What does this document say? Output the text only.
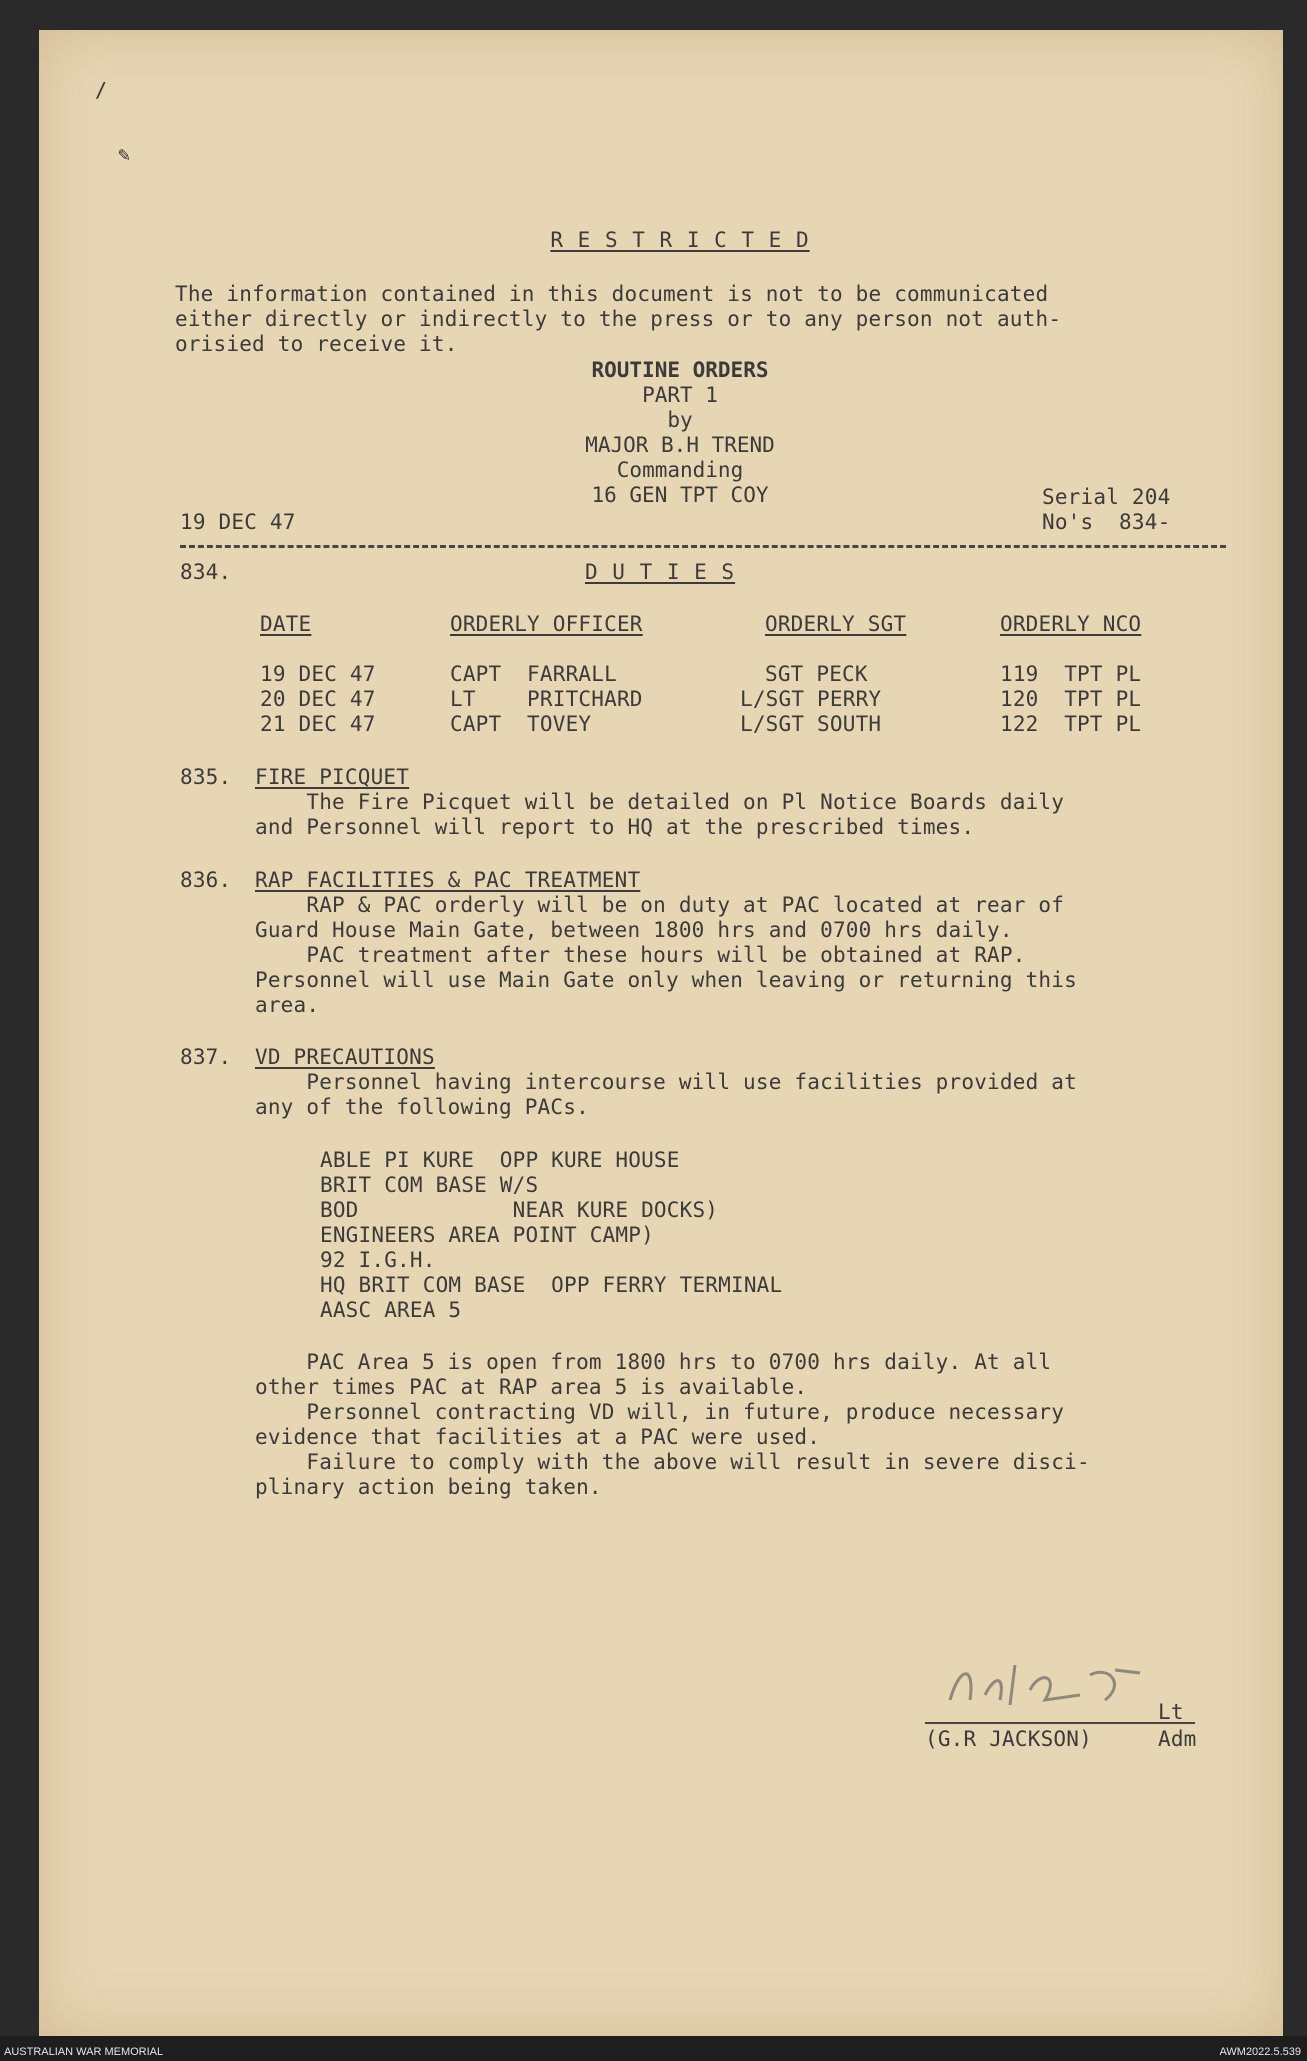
/
✎
R E S T R I C T E D
The information contained in this document is not to be communicated
either directly or indirectly to the press or to any person not auth-
orisied to receive it.
ROUTINE ORDERS
PART 1
by
MAJOR B.H TREND
Commanding
16 GEN TPT COY
19 DEC 47
Serial 204
No's  834-
834.	D U T I E S
DATE	ORDERLY OFFICER	ORDERLY SGT	ORDERLY NCO
19 DEC 47	CAPT  FARRALL	SGT PECK	119  TPT PL
20 DEC 47	LT    PRITCHARD	L/SGT PERRY	120  TPT PL
21 DEC 47	CAPT  TOVEY	L/SGT SOUTH	122  TPT PL
835. FIRE PICQUET
The Fire Picquet will be detailed on Pl Notice Boards daily
and Personnel will report to HQ at the prescribed times.
836. RAP FACILITIES & PAC TREATMENT
RAP & PAC orderly will be on duty at PAC located at rear of
Guard House Main Gate, between 1800 hrs and 0700 hrs daily.
PAC treatment after these hours will be obtained at RAP.
Personnel will use Main Gate only when leaving or returning this
area.
837. VD PRECAUTIONS
Personnel having intercourse will use facilities provided at
any of the following PACs.
ABLE PI KURE  OPP KURE HOUSE
BRIT COM BASE W/S
BOD            NEAR KURE DOCKS)
ENGINEERS AREA POINT CAMP)
92 I.G.H.
HQ BRIT COM BASE  OPP FERRY TERMINAL
AASC AREA 5
PAC Area 5 is open from 1800 hrs to 0700 hrs daily. At all
other times PAC at RAP area 5 is available.
Personnel contracting VD will, in future, produce necessary
evidence that facilities at a PAC were used.
Failure to comply with the above will result in severe disci-
plinary action being taken.
Lt
(G.R JACKSON)	Adm
AUSTRALIAN WAR MEMORIAL	AWM2022.5.539
